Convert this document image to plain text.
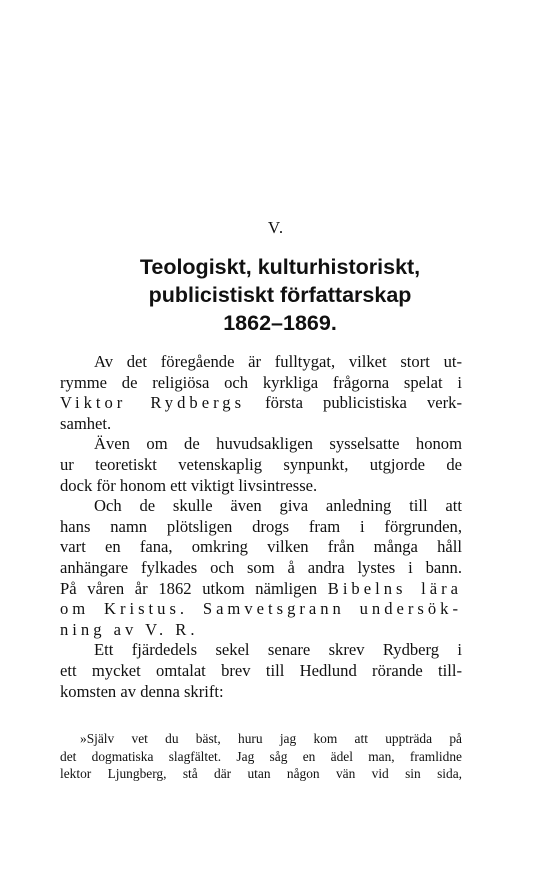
V.
Teologiskt, kulturhistoriskt,
publicistiskt författarskap
1862–1869.
Av det föregående är fulltygat, vilket stort ut-
rymme de religiösa och kyrkliga frågorna spelat i
Viktor Rydbergs första publicistiska verk-
samhet.
Även om de huvudsakligen sysselsatte honom
ur teoretiskt vetenskaplig synpunkt, utgjorde de
dock för honom ett viktigt livsintresse.
Och de skulle även giva anledning till att
hans namn plötsligen drogs fram i förgrunden,
vart en fana, omkring vilken från många håll
anhängare fylkades och som å andra lystes i bann.
På våren år 1862 utkom nämligen Bibelns lära
om Kristus. Samvetsgrann undersök-
ning av V. R.
Ett fjärdedels sekel senare skrev Rydberg i
ett mycket omtalat brev till Hedlund rörande till-
komsten av denna skrift:
»Själv vet du bäst, huru jag kom att uppträda på
det dogmatiska slagfältet. Jag såg en ädel man, framlidne
lektor Ljungberg, stå där utan någon vän vid sin sida,
